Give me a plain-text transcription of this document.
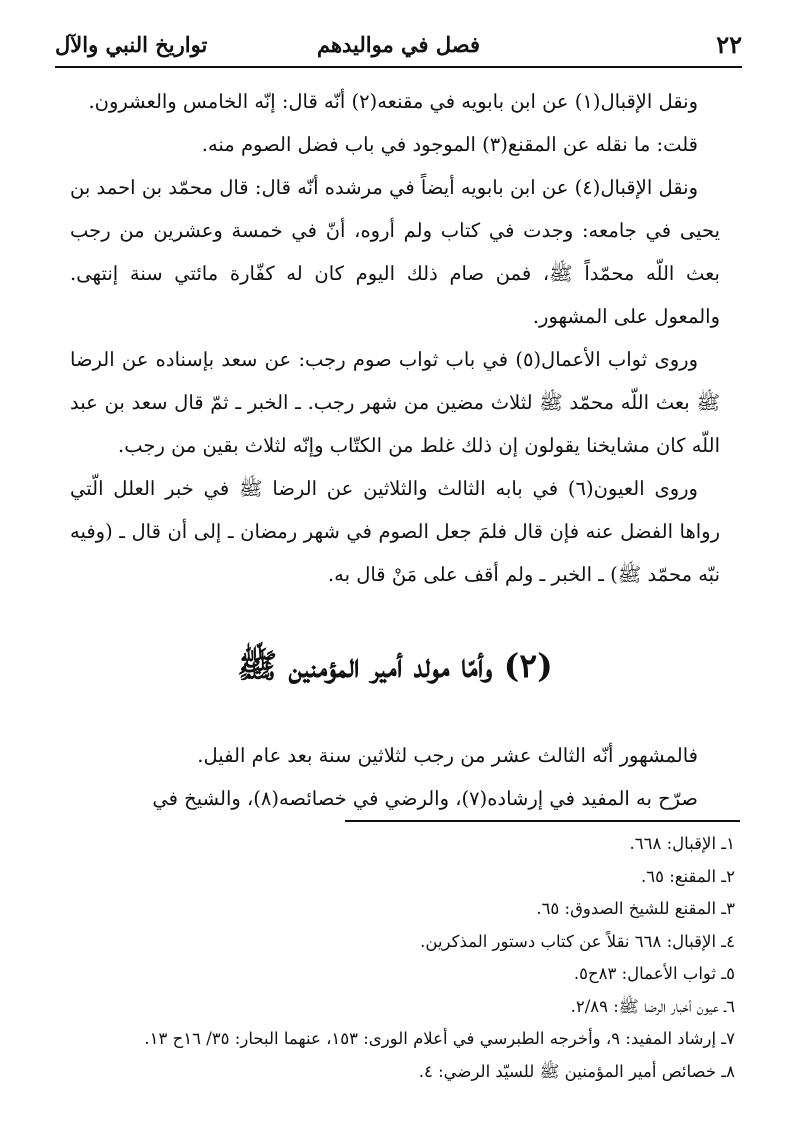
٢٢
فصل في مواليدهم
تواريخ النبي والآل

ونقل الإقبال(١) عن ابن بابويه في مقنعه(٢) أنّه قال: إنّه الخامس والعشرون.

قلت: ما نقله عن المقنع(٣) الموجود في باب فضل الصوم منه.

ونقل الإقبال(٤) عن ابن بابويه أيضاً في مرشده أنّه قال: قال محمّد بن احمد بن يحيى في جامعه: وجدت في كتاب ولم أروه، أنّ في خمسة وعشرين من رجب بعث اللّه محمّداً ﷺ، فمن صام ذلك اليوم كان له كفّارة مائتي سنة إنتهى. والمعول على المشهور.

وروى ثواب الأعمال(٥) في باب ثواب صوم رجب: عن سعد بإسناده عن الرضا ﷺ بعث اللّه محمّد ﷺ لثلاث مضين من شهر رجب. ـ الخبر ـ ثمّ قال سعد بن عبد اللّه كان مشايخنا يقولون إن ذلك غلط من الكتّاب وإنّه لثلاث بقين من رجب.

وروى العيون(٦) في بابه الثالث والثلاثين عن الرضا ﷺ في خبر العلل الّتي رواها الفضل عنه فإن قال فلمَ جعل الصوم في شهر رمضان ـ إلى أن قال ـ (وفيه نبّه محمّد ﷺ) ـ الخبر ـ ولم أقف على مَنْ قال به.

(٢) وأمّا مولد أمير المؤمنين ﷺ

فالمشهور أنّه الثالث عشر من رجب لثلاثين سنة بعد عام الفيل.

صرّح به المفيد في إرشاده(٧)، والرضي في خصائصه(٨)، والشيخ في

١ـ الإقبال: ٦٦٨.

٢ـ المقنع: ٦٥.

٣ـ المقنع للشيخ الصدوق: ٦٥.

٤ـ الإقبال: ٦٦٨ نقلاً عن كتاب دستور المذكرين.

٥ـ ثواب الأعمال: ٨٣ح٥.

٦ـ عيون أخبار الرضا ﷺ: ٢/٨٩.

٧ـ إرشاد المفيد: ٩، وأخرجه الطبرسي في أعلام الورى: ١٥٣، عنهما البحار: ٣٥/ ١٦ح ١٣.

٨ـ خصائص أمير المؤمنين ﷺ للسيّد الرضي: ٤.
